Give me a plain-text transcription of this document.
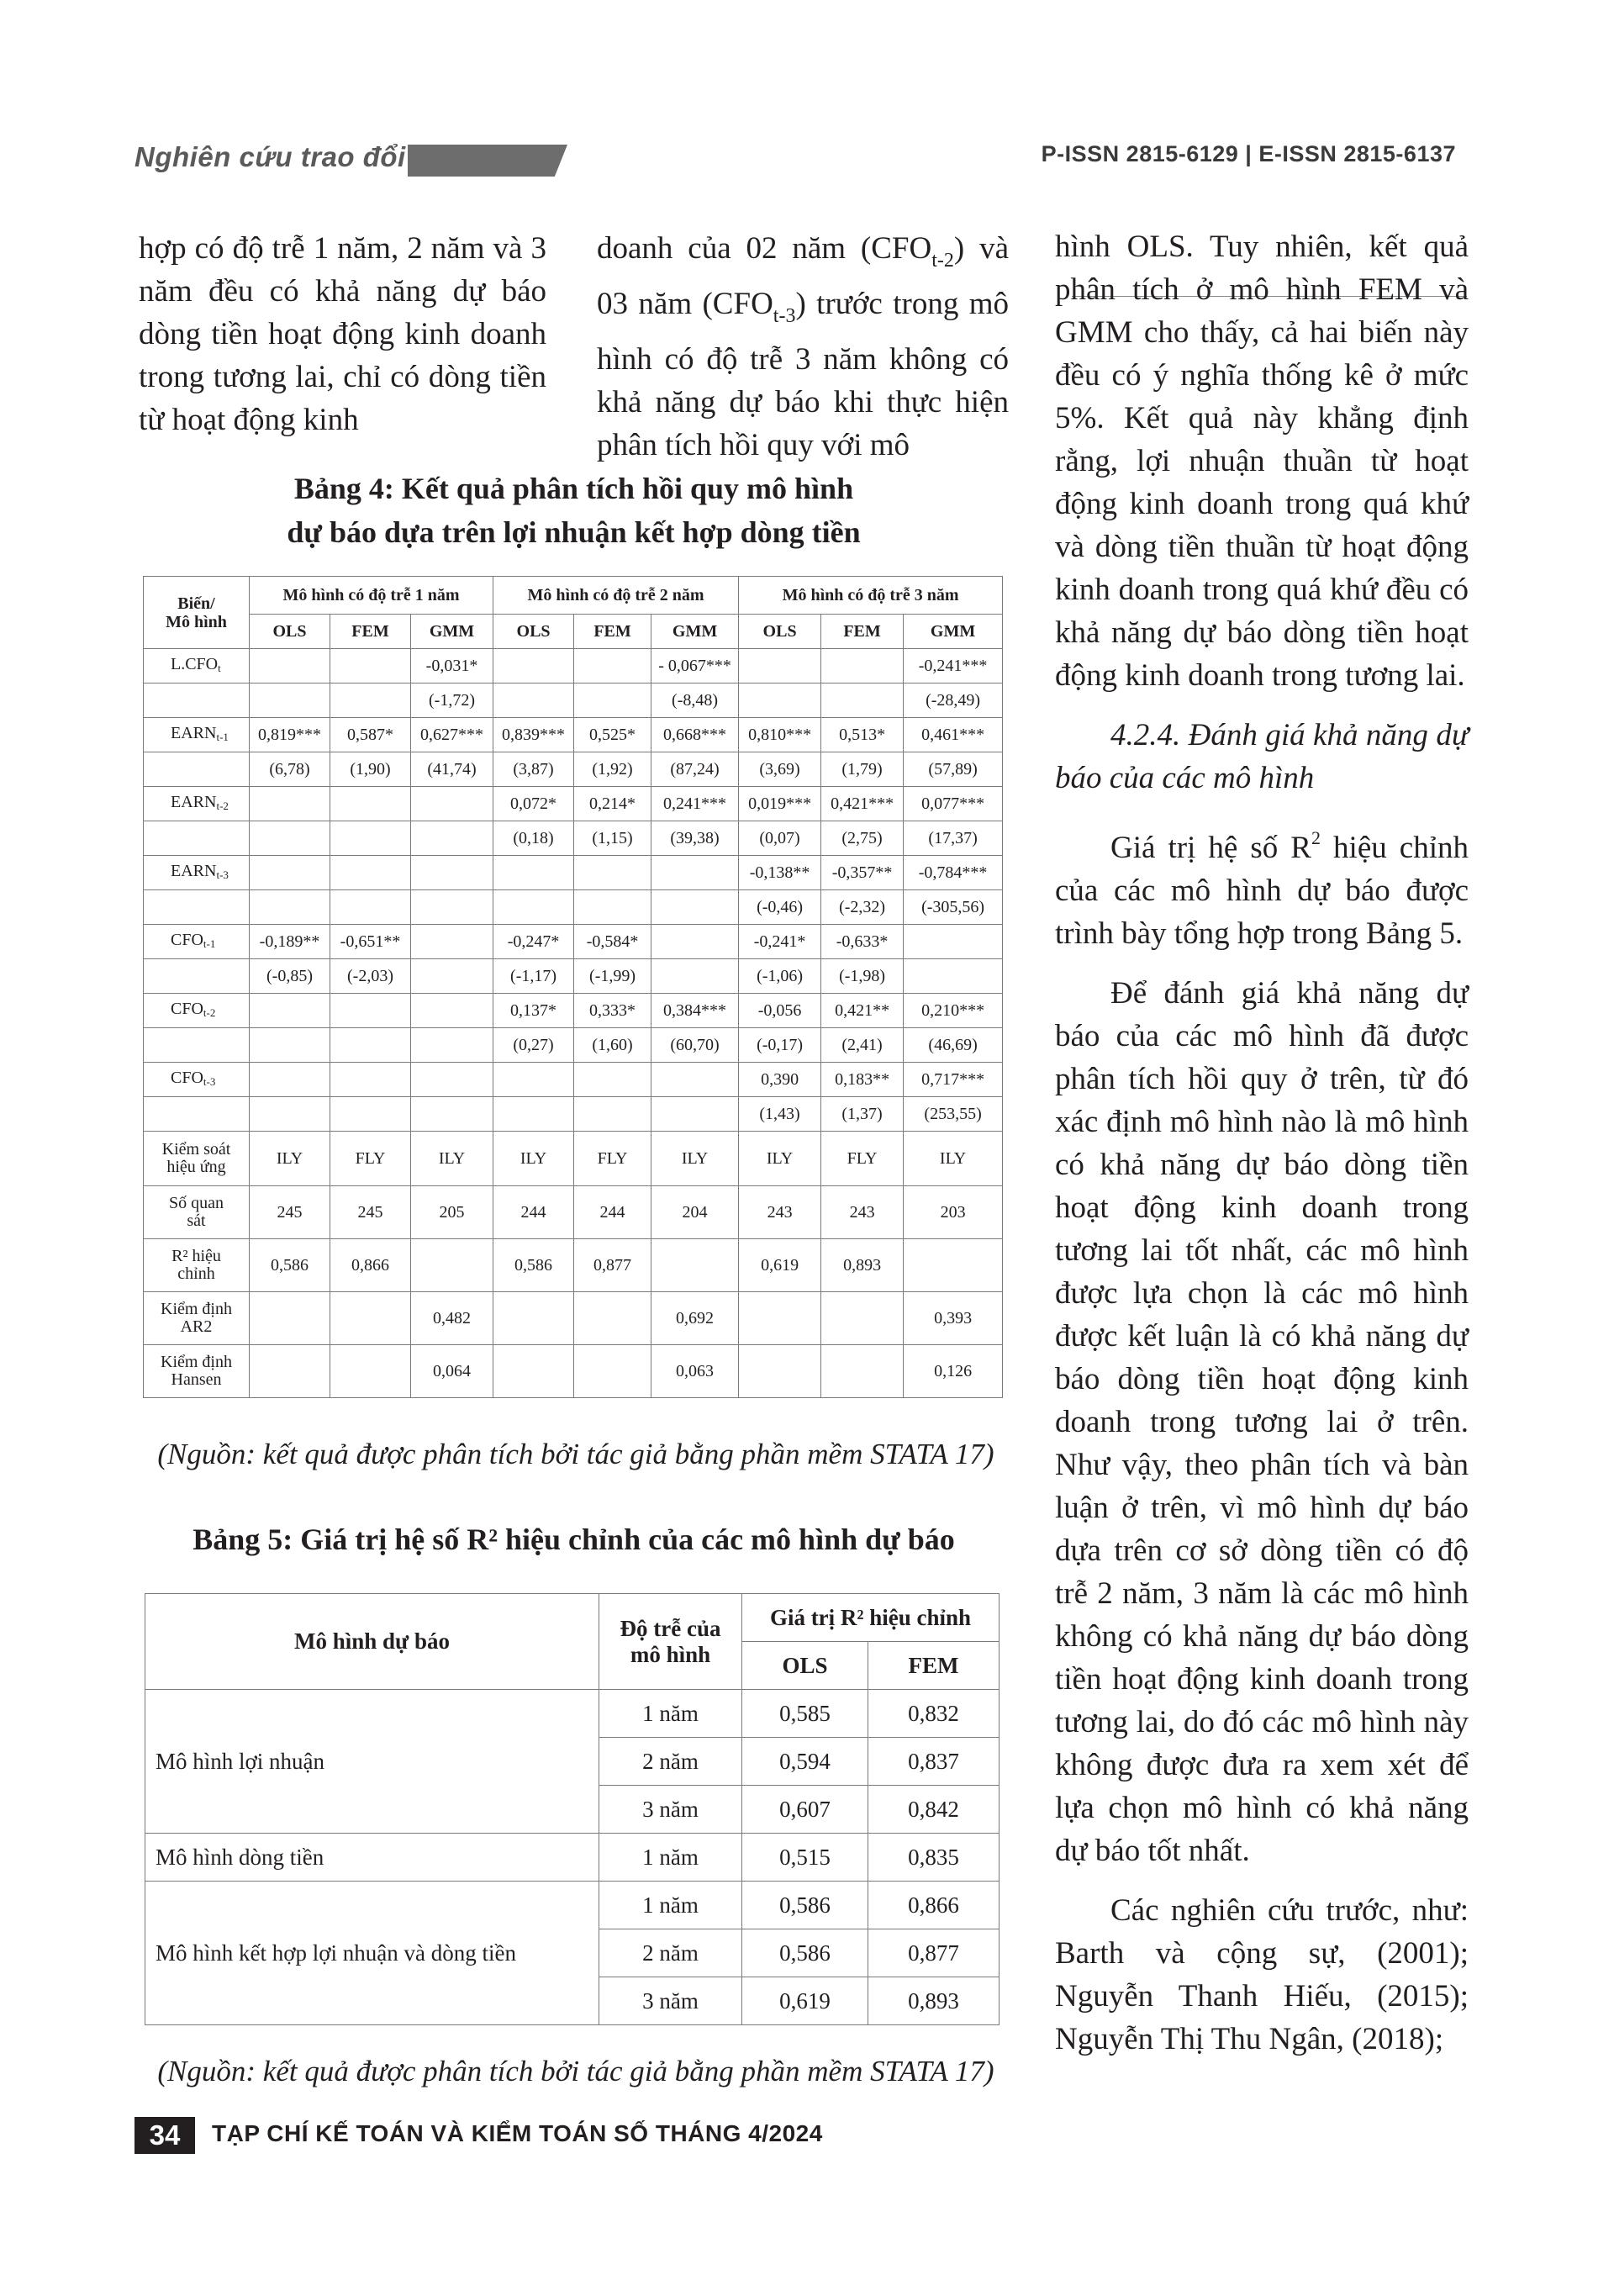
Nghiên cứu trao đổi	P-ISSN 2815-6129 | E-ISSN 2815-6137

hợp có độ trễ 1 năm, 2 năm và 3 năm đều có khả năng dự báo dòng tiền hoạt động kinh doanh trong tương lai, chỉ có dòng tiền từ hoạt động kinh

doanh của 02 năm $(CFO_{t-2})$ và 03 năm $(CFO_{t-3})$ trước trong mô hình có độ trễ 3 năm không có khả năng dự báo khi thực hiện phân tích hồi quy với mô

hình OLS. Tuy nhiên, kết quả phân tích ở mô hình FEM và GMM cho thấy, cả hai biến này đều có ý nghĩa thống kê ở mức 5%. Kết quả này khẳng định rằng, lợi nhuận thuần từ hoạt động kinh doanh trong quá khứ và dòng tiền thuần từ hoạt động kinh doanh trong quá khứ đều có khả năng dự báo dòng tiền hoạt động kinh doanh trong tương lai.

4.2.4. Đánh giá khả năng dự báo của các mô hình

Giá trị hệ số $R^2$ hiệu chỉnh của các mô hình dự báo được trình bày tổng hợp trong Bảng 5.

Để đánh giá khả năng dự báo của các mô hình đã được phân tích hồi quy ở trên, từ đó xác định mô hình nào là mô hình có khả năng dự báo dòng tiền hoạt động kinh doanh trong tương lai tốt nhất, các mô hình được lựa chọn là các mô hình được kết luận là có khả năng dự báo dòng tiền hoạt động kinh doanh trong tương lai ở trên. Như vậy, theo phân tích và bàn luận ở trên, vì mô hình dự báo dựa trên cơ sở dòng tiền có độ trễ 2 năm, 3 năm là các mô hình không có khả năng dự báo dòng tiền hoạt động kinh doanh trong tương lai, do đó các mô hình này không được đưa ra xem xét để lựa chọn mô hình có khả năng dự báo tốt nhất.

Các nghiên cứu trước, như: Barth và cộng sự, (2001); Nguyễn Thanh Hiếu, (2015); Nguyễn Thị Thu Ngân, (2018);

Bảng 4: Kết quả phân tích hồi quy mô hình
dự báo dựa trên lợi nhuận kết hợp dòng tiền
Biến/
Mô hình	Mô hình có độ trễ 1 năm			Mô hình có độ trễ 2 năm			Mô hình có độ trễ 3 năm		
	OLS	FEM	GMM	OLS	FEM	GMM	OLS	FEM	GMM
L.CFOt			-0,031*			- 0,067***			-0,241***
			(-1,72)			(-8,48)			(-28,49)
EARNt-1	0,819***	0,587*	0,627***	0,839***	0,525*	0,668***	0,810***	0,513*	0,461***
	(6,78)	(1,90)	(41,74)	(3,87)	(1,92)	(87,24)	(3,69)	(1,79)	(57,89)
EARNt-2				0,072*	0,214*	0,241***	0,019***	0,421***	0,077***
				(0,18)	(1,15)	(39,38)	(0,07)	(2,75)	(17,37)
EARNt-3							-0,138**	-0,357**	-0,784***
							(-0,46)	(-2,32)	(-305,56)
CFOt-1	-0,189**	-0,651**		-0,247*	-0,584*		-0,241*	-0,633*	
	(-0,85)	(-2,03)		(-1,17)	(-1,99)		(-1,06)	(-1,98)	
CFOt-2				0,137*	0,333*	0,384***	-0,056	0,421**	0,210***
				(0,27)	(1,60)	(60,70)	(-0,17)	(2,41)	(46,69)
CFOt-3							0,390	0,183**	0,717***
							(1,43)	(1,37)	(253,55)

Kiểm soát
hiệu ứng	ILY	FLY	ILY	ILY	FLY	ILY	ILY	FLY	ILY

Số quan
sát	245	245	205	244	244	204	243	243	203

R² hiệu
chỉnh	0,586	0,866		0,586	0,877		0,619	0,893	

Kiểm định
AR2			0,482			0,692			0,393

Kiểm định
Hansen			0,064			0,063			0,126
(Nguồn: kết quả được phân tích bởi tác giả bằng phần mềm STATA 17)
Bảng 5: Giá trị hệ số R² hiệu chỉnh của các mô hình dự báo
Mô hình dự báo	Độ trễ của
mô hình	Giá trị R² hiệu chỉnh	
		OLS	FEM
Mô hình lợi nhuận	1 năm	0,585	0,832
	2 năm	0,594	0,837
	3 năm	0,607	0,842
Mô hình dòng tiền	1 năm	0,515	0,835
Mô hình kết hợp lợi nhuận và dòng tiền	1 năm	0,586	0,866
	2 năm	0,586	0,877
	3 năm	0,619	0,893
(Nguồn: kết quả được phân tích bởi tác giả bằng phần mềm STATA 17)
34	TẠP CHÍ KẾ TOÁN VÀ KIỂM TOÁN SỐ THÁNG 4/2024
